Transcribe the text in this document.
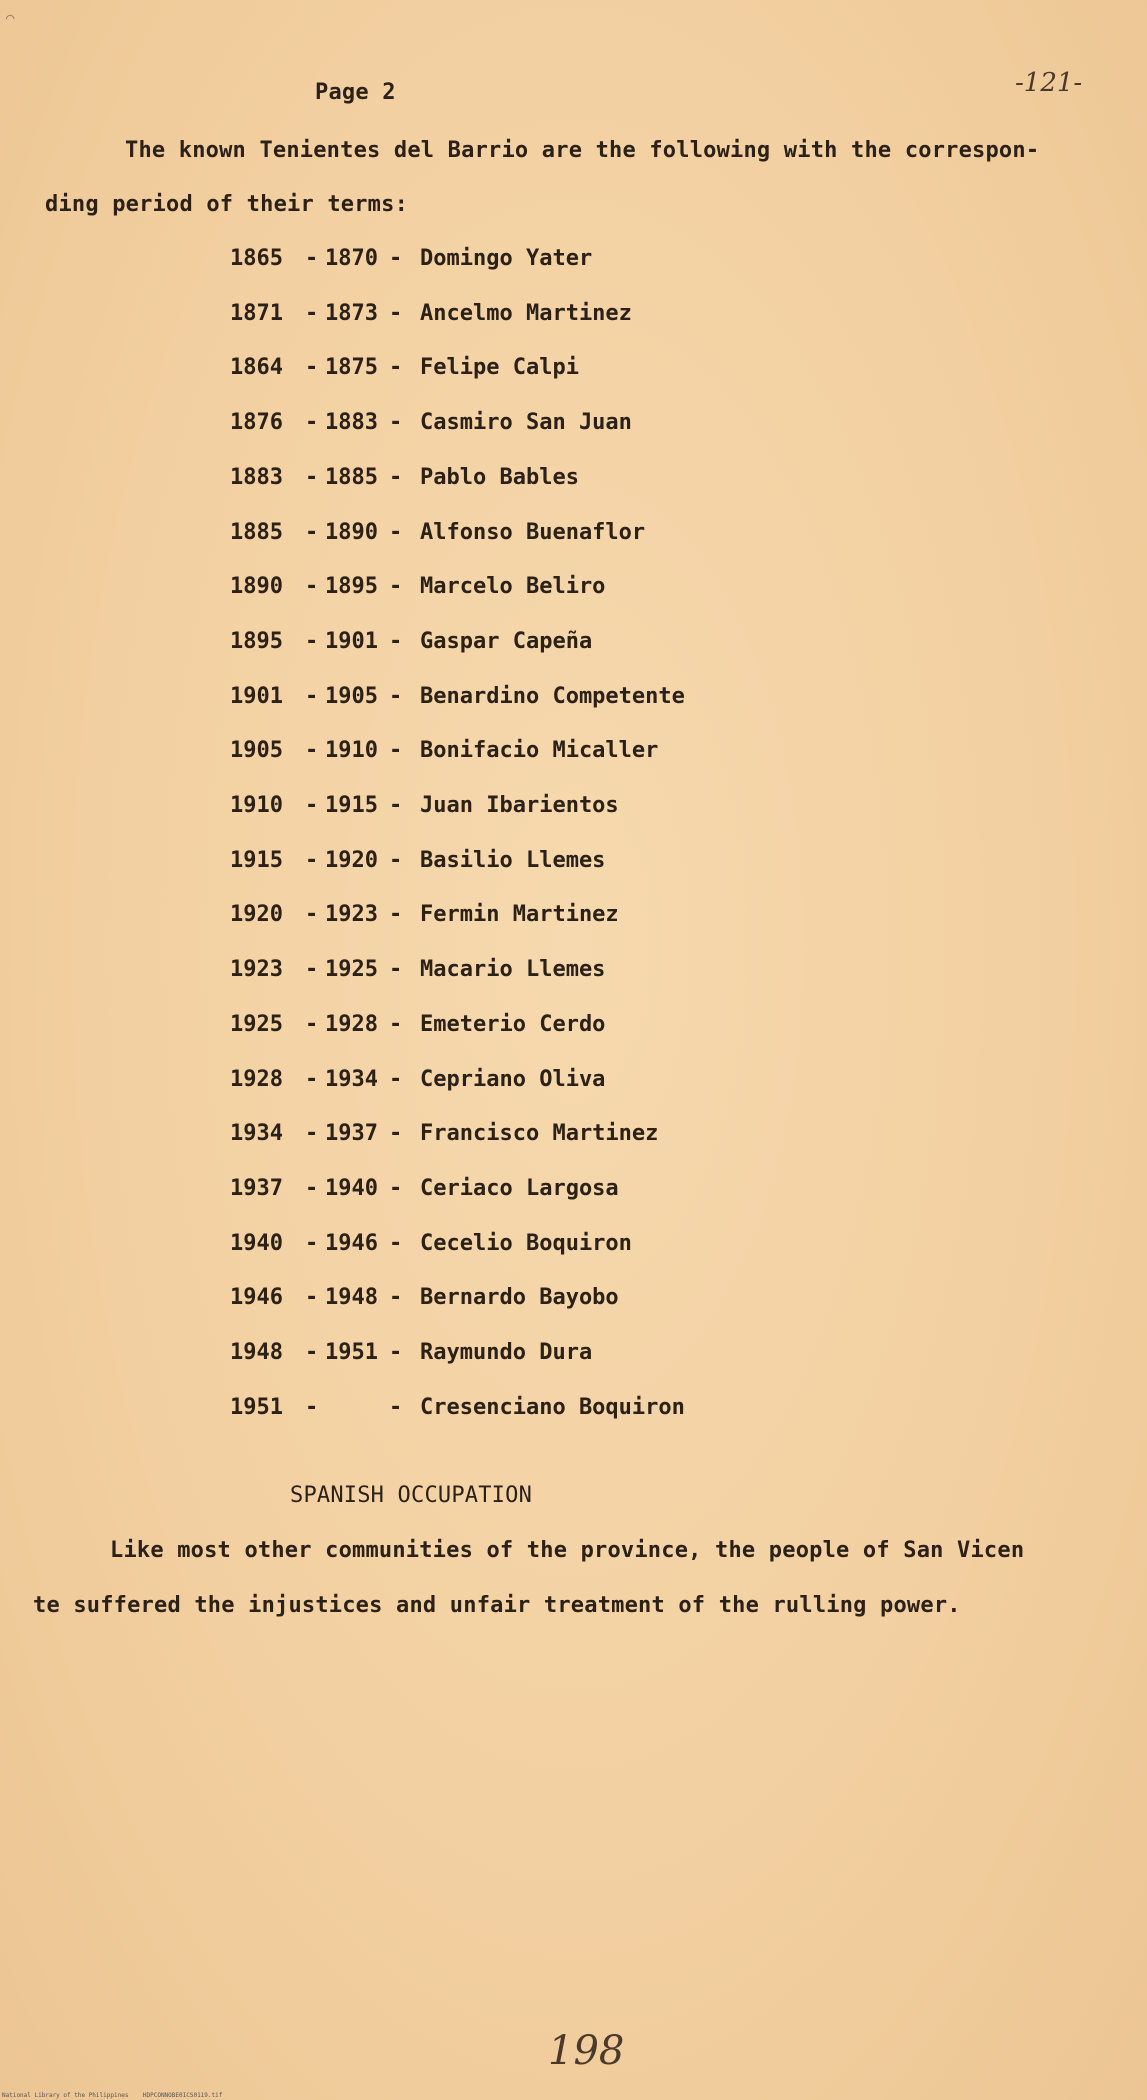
⌒
Page 2	-121-
The known Tenientes del Barrio are the following with the correspon-
ding period of their terms:
1865 - 1870 - Domingo Yater
1871 - 1873 - Ancelmo Martinez
1864 - 1875 - Felipe Calpi
1876 - 1883 - Casmiro San Juan
1883 - 1885 - Pablo Bables
1885 - 1890 - Alfonso Buenaflor
1890 - 1895 - Marcelo Beliro
1895 - 1901 - Gaspar Capeña
1901 - 1905 - Benardino Competente
1905 - 1910 - Bonifacio Micaller
1910 - 1915 - Juan Ibarientos
1915 - 1920 - Basilio Llemes
1920 - 1923 - Fermin Martinez
1923 - 1925 - Macario Llemes
1925 - 1928 - Emeterio Cerdo
1928 - 1934 - Cepriano Oliva
1934 - 1937 - Francisco Martinez
1937 - 1940 - Ceriaco Largosa
1940 - 1946 - Cecelio Boquiron
1946 - 1948 - Bernardo Bayobo
1948 - 1951 - Raymundo Dura
1951 -	- Cresenciano Boquiron
SPANISH OCCUPATION
Like most other communities of the province, the people of San Vicen
te suffered the injustices and unfair treatment of the rulling power.
198
National Library of the Philippines    HDPCONNOBE0ICS0119.tif
